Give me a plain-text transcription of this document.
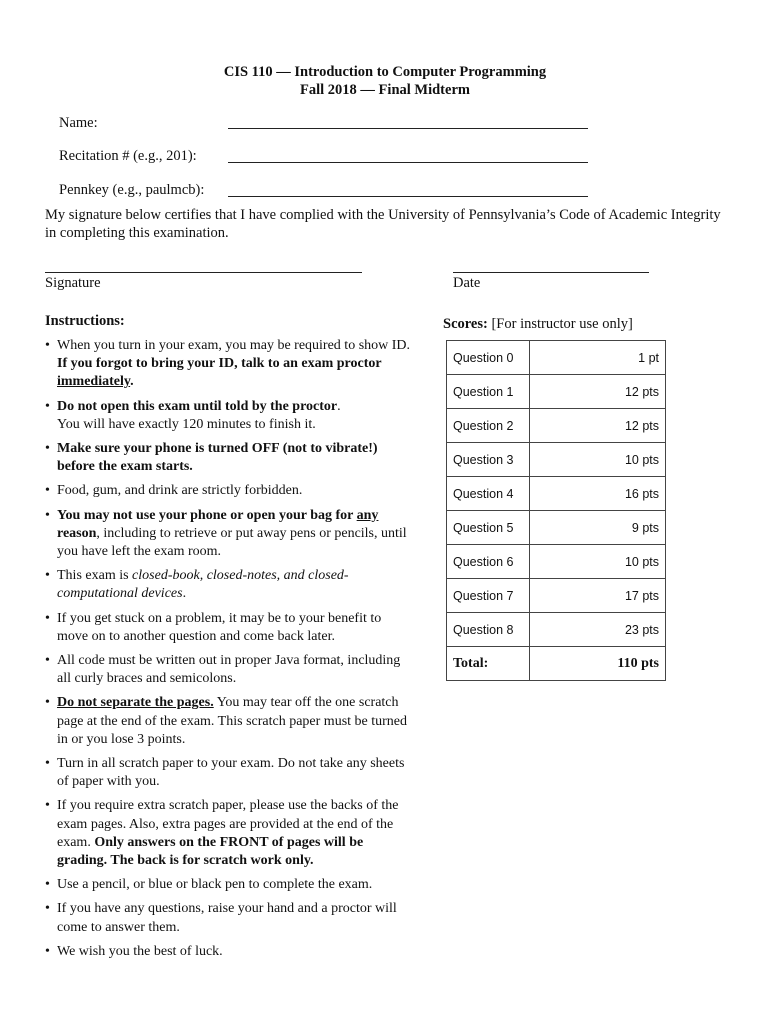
CIS 110 — Introduction to Computer Programming
Fall 2018 — Final Midterm
Name:
Recitation # (e.g., 201):
Pennkey (e.g., paulmcb):
My signature below certifies that I have complied with the University of Pennsylvania’s Code of Academic Integrity in completing this examination.
Signature	Date
Instructions:
• When you turn in your exam, you may be required to show ID. If you forgot to bring your ID, talk to an exam proctor immediately.
• Do not open this exam until told by the proctor.
You will have exactly 120 minutes to finish it.
• Make sure your phone is turned OFF (not to vibrate!) before the exam starts.
• Food, gum, and drink are strictly forbidden.
• You may not use your phone or open your bag for any reason, including to retrieve or put away pens or pencils, until you have left the exam room.
• This exam is closed-book, closed-notes, and closed-computational devices.
• If you get stuck on a problem, it may be to your benefit to move on to another question and come back later.
• All code must be written out in proper Java format, including all curly braces and semicolons.
• Do not separate the pages. You may tear off the one scratch page at the end of the exam. This scratch paper must be turned in or you lose 3 points.
• Turn in all scratch paper to your exam. Do not take any sheets of paper with you.
• If you require extra scratch paper, please use the backs of the exam pages. Also, extra pages are provided at the end of the exam. Only answers on the FRONT of pages will be grading. The back is for scratch work only.
• Use a pencil, or blue or black pen to complete the exam.
• If you have any questions, raise your hand and a proctor will come to answer them.
• We wish you the best of luck.
Scores: [For instructor use only]
Question 0	1 pt
Question 1	12 pts
Question 2	12 pts
Question 3	10 pts
Question 4	16 pts
Question 5	9 pts
Question 6	10 pts
Question 7	17 pts
Question 8	23 pts
Total:	110 pts
